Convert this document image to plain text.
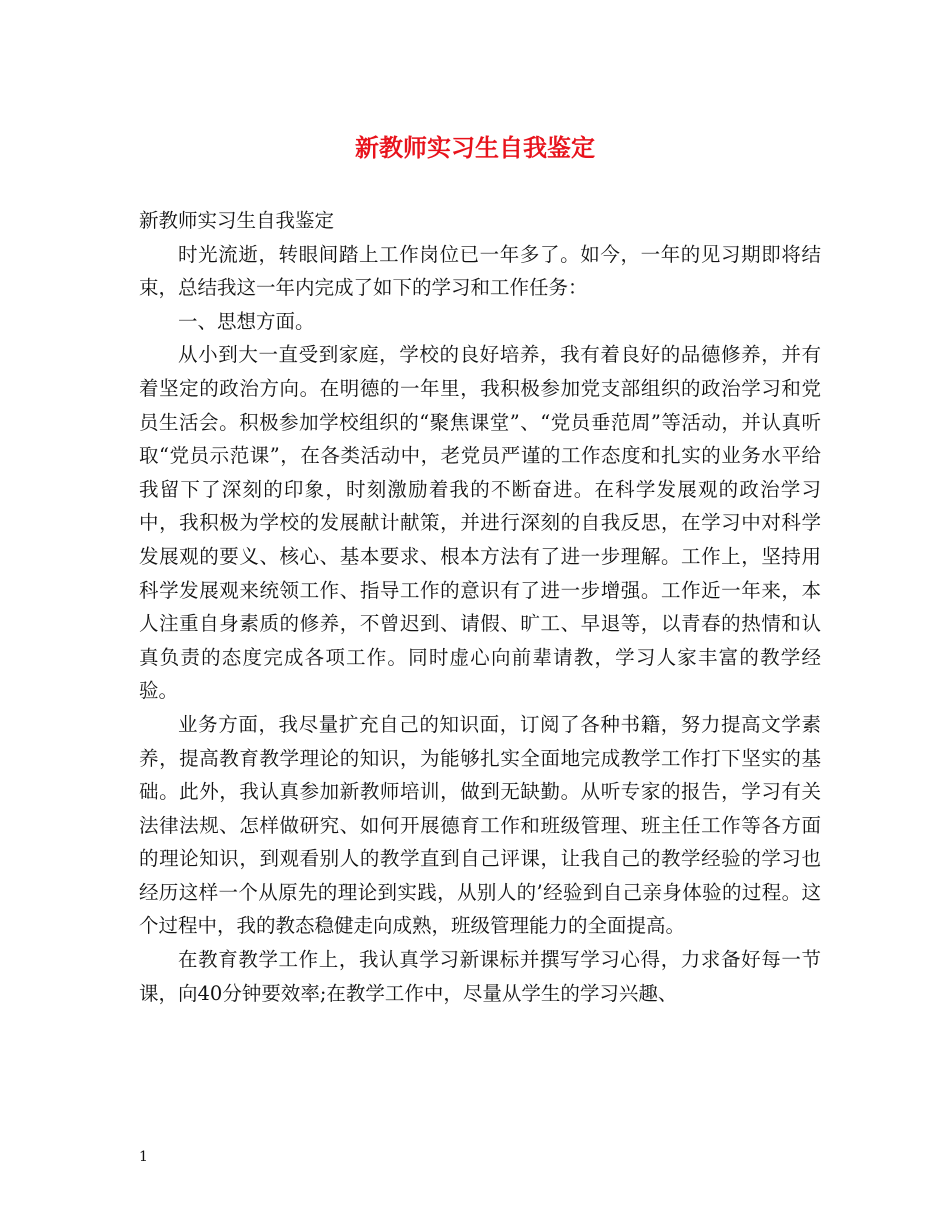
新教师实习生自我鉴定

新教师实习生自我鉴定

时光流逝，转眼间踏上工作岗位已一年多了。如今，一年的见习期即将结束，总结我这一年内完成了如下的学习和工作任务：

一、思想方面。

从小到大一直受到家庭，学校的良好培养，我有着良好的品德修养，并有着坚定的政治方向。在明德的一年里，我积极参加党支部组织的政治学习和党员生活会。积极参加学校组织的“聚焦课堂”、“党员垂范周”等活动，并认真听取“党员示范课”，在各类活动中，老党员严谨的工作态度和扎实的业务水平给我留下了深刻的印象，时刻激励着我的不断奋进。在科学发展观的政治学习中，我积极为学校的发展献计献策，并进行深刻的自我反思，在学习中对科学发展观的要义、核心、基本要求、根本方法有了进一步理解。工作上，坚持用科学发展观来统领工作、指导工作的意识有了进一步增强。工作近一年来，本人注重自身素质的修养，不曾迟到、请假、旷工、早退等，以青春的热情和认真负责的态度完成各项工作。同时虚心向前辈请教，学习人家丰富的教学经验。

业务方面，我尽量扩充自己的知识面，订阅了各种书籍，努力提高文学素养，提高教育教学理论的知识，为能够扎实全面地完成教学工作打下坚实的基础。此外，我认真参加新教师培训，做到无缺勤。从听专家的报告，学习有关法律法规、怎样做研究、如何开展德育工作和班级管理、班主任工作等各方面的理论知识，到观看别人的教学直到自己评课，让我自己的教学经验的学习也经历这样一个从原先的理论到实践，从别人的’经验到自己亲身体验的过程。这个过程中，我的教态稳健走向成熟，班级管理能力的全面提高。

在教育教学工作上，我认真学习新课标并撰写学习心得，力求备好每一节课，向40分钟要效率;在教学工作中，尽量从学生的学习兴趣、

1
